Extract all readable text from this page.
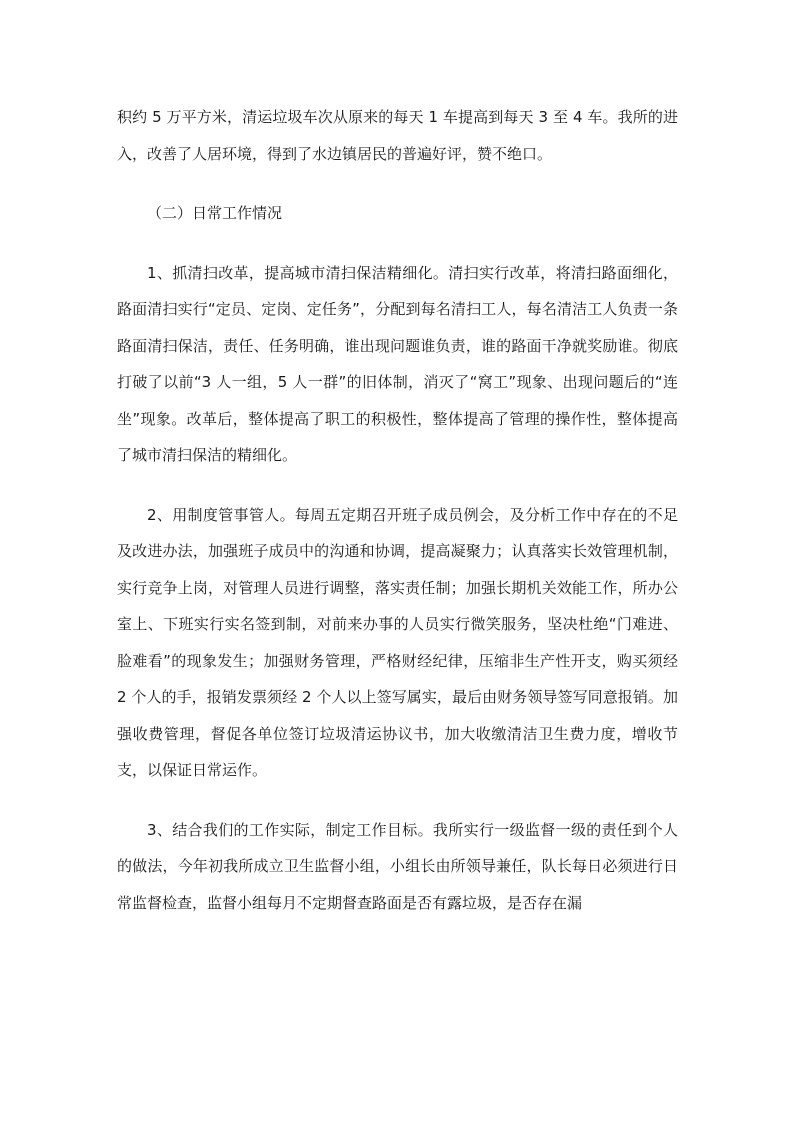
积约 5 万平方米，清运垃圾车次从原来的每天 1 车提高到每天 3 至 4 车。我所的进入，改善了人居环境，得到了水边镇居民的普遍好评，赞不绝口。

（二）日常工作情况

1、抓清扫改革，提高城市清扫保洁精细化。清扫实行改革，将清扫路面细化，路面清扫实行“定员、定岗、定任务”，分配到每名清扫工人，每名清洁工人负责一条路面清扫保洁，责任、任务明确，谁出现问题谁负责，谁的路面干净就奖励谁。彻底打破了以前“3 人一组，5 人一群”的旧体制，消灭了“窝工”现象、出现问题后的“连坐”现象。改革后，整体提高了职工的积极性，整体提高了管理的操作性，整体提高了城市清扫保洁的精细化。

2、用制度管事管人。每周五定期召开班子成员例会，及分析工作中存在的不足及改进办法，加强班子成员中的沟通和协调，提高凝聚力；认真落实长效管理机制，实行竞争上岗，对管理人员进行调整，落实责任制；加强长期机关效能工作，所办公室上、下班实行实名签到制，对前来办事的人员实行微笑服务，坚决杜绝“门难进、脸难看”的现象发生；加强财务管理，严格财经纪律，压缩非生产性开支，购买须经 2 个人的手，报销发票须经 2 个人以上签写属实，最后由财务领导签写同意报销。加强收费管理，督促各单位签订垃圾清运协议书，加大收缴清洁卫生费力度，增收节支，以保证日常运作。

3、结合我们的工作实际，制定工作目标。我所实行一级监督一级的责任到个人的做法，今年初我所成立卫生监督小组，小组长由所领导兼任，队长每日必须进行日常监督检查，监督小组每月不定期督查路面是否有露垃圾，是否存在漏
